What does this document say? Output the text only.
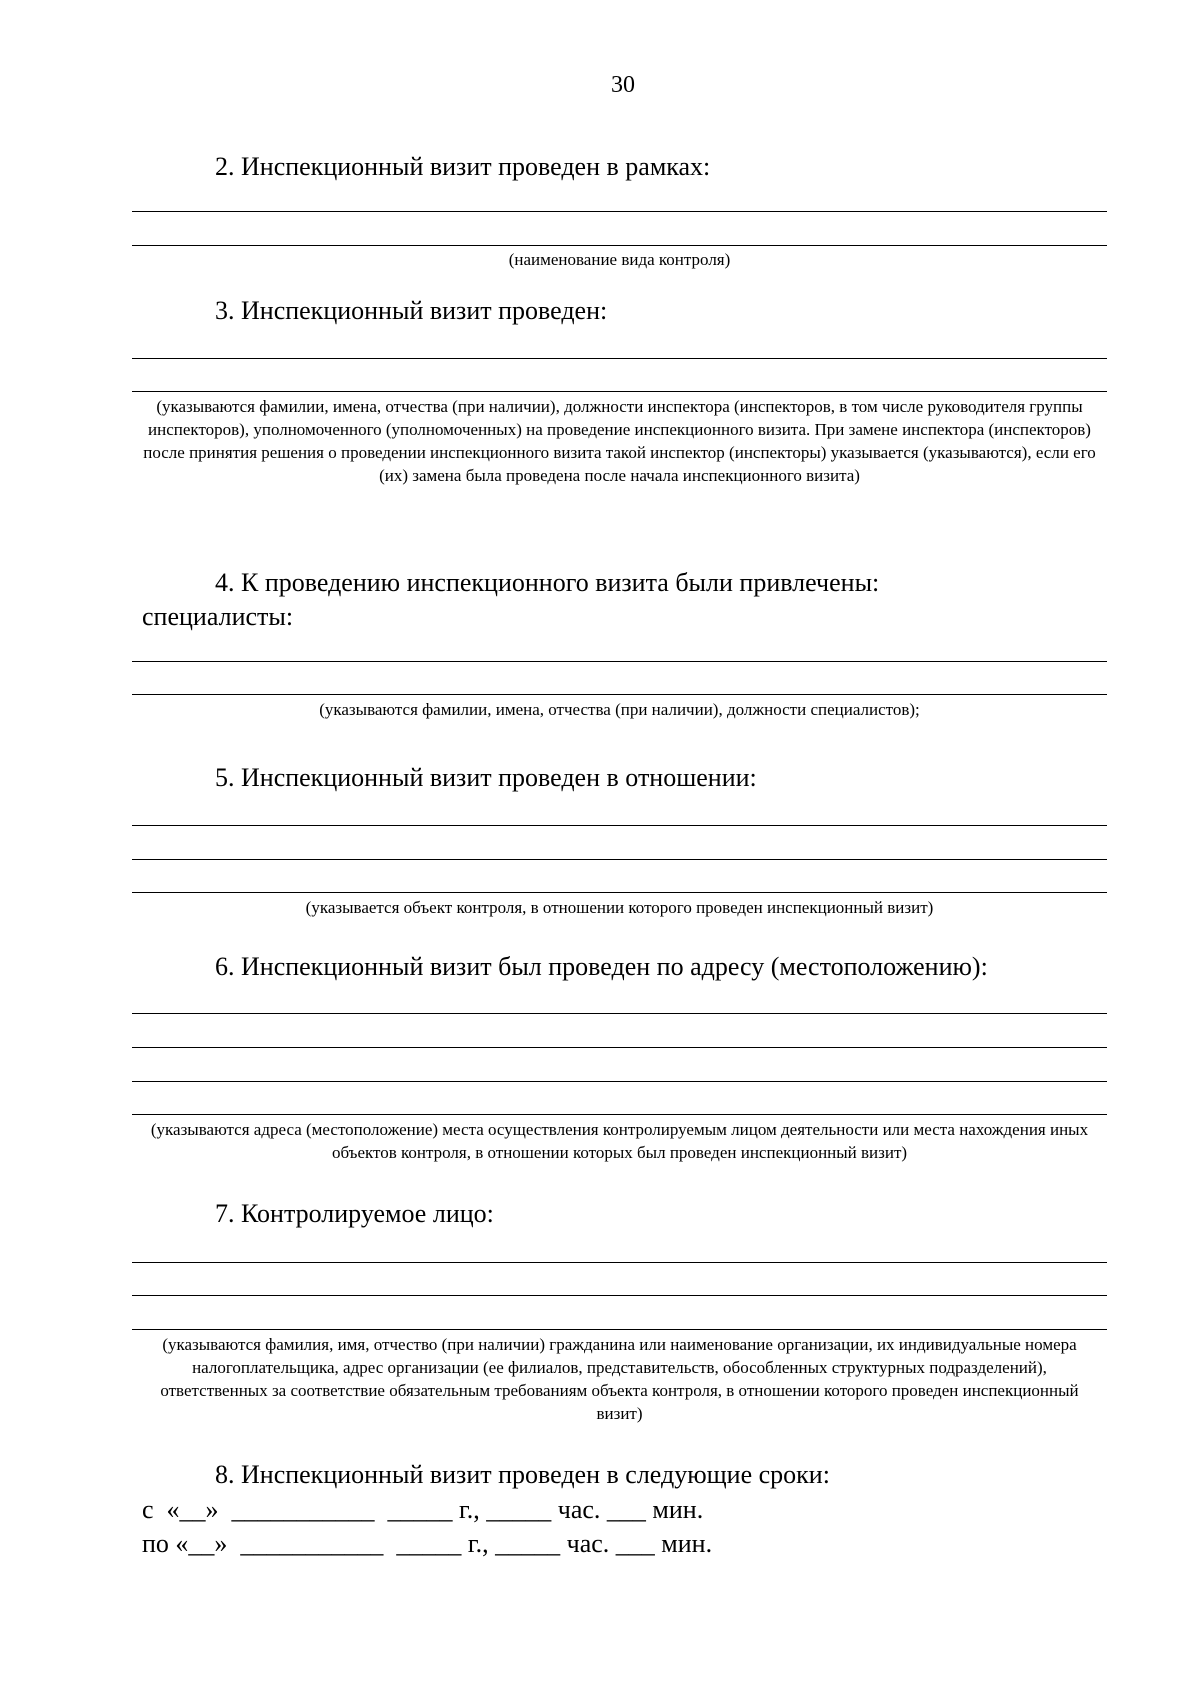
30
2. Инспекционный визит проведен в рамках:
(наименование вида контроля)
3. Инспекционный визит проведен:
(указываются фамилии, имена, отчества (при наличии), должности инспектора (инспекторов, в том числе руководителя группы инспекторов), уполномоченного (уполномоченных) на проведение инспекционного визита. При замене инспектора (инспекторов) после принятия решения о проведении инспекционного визита такой инспектор (инспекторы) указывается (указываются), если его (их) замена была проведена после начала инспекционного визита)
4. К проведению инспекционного визита были привлечены:
специалисты:
(указываются фамилии, имена, отчества (при наличии), должности специалистов);
5. Инспекционный визит проведен в отношении:
(указывается объект контроля, в отношении которого проведен инспекционный визит)
6. Инспекционный визит был проведен по адресу (местоположению):
(указываются адреса (местоположение) места осуществления контролируемым лицом деятельности или места нахождения иных объектов контроля, в отношении которых был проведен инспекционный визит)
7. Контролируемое лицо:
(указываются фамилия, имя, отчество (при наличии) гражданина или наименование организации, их индивидуальные номера налогоплательщика, адрес организации (ее филиалов, представительств, обособленных структурных подразделений), ответственных за соответствие обязательным требованиям объекта контроля, в отношении которого проведен инспекционный визит)
8. Инспекционный визит проведен в следующие сроки:
с  «__»  ___________  _____ г., _____ час. ___ мин.
по «__»  ___________  _____ г., _____ час. ___ мин.
